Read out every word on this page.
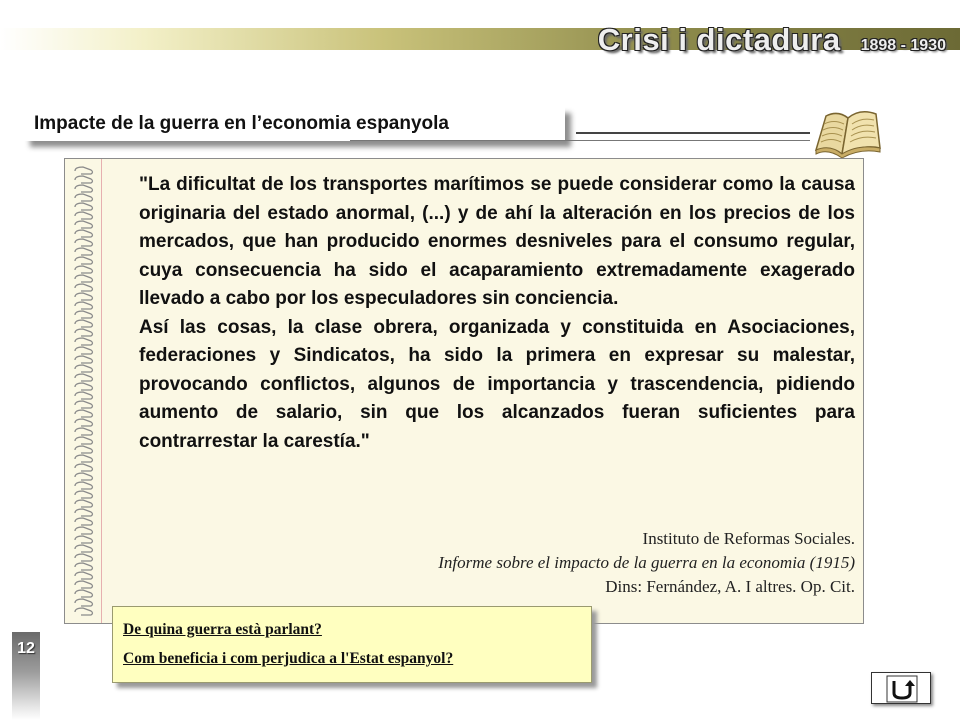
Crisi i dictadura 1898 - 1930
Impacte de la guerra en l’economia espanyola

"La dificultat de los transportes marítimos se puede considerar como la causa originaria del estado anormal, (...) y de ahí la alteración en los precios de los mercados, que han producido enormes desniveles para el consumo regular, cuya consecuencia ha sido el acaparamiento extremadamente exagerado llevado a cabo por los especuladores sin conciencia.

Así las cosas, la clase obrera, organizada y constituida en Asociaciones, federaciones y Sindicatos, ha sido la primera en expresar su malestar, provocando conflictos, algunos de importancia y trascendencia, pidiendo aumento de salario, sin que los alcanzados fueran suficientes para contrarrestar la carestía."

Instituto de Reformas Sociales.
Informe sobre el impacto de la guerra en la economia (1915)
Dins: Fernández, A. I altres. Op. Cit.
De quina guerra està parlant?
Com beneficia i com perjudica a l'Estat espanyol?
12
